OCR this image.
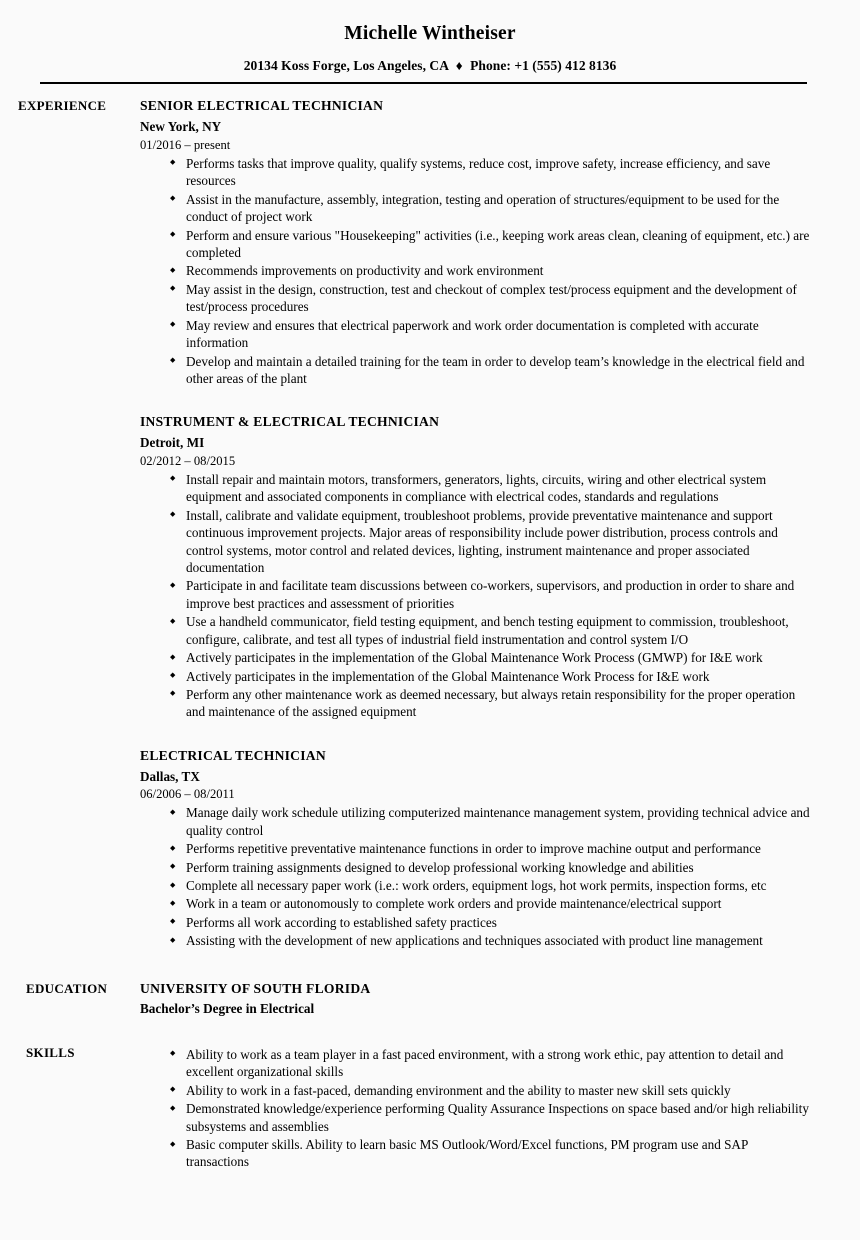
Michelle Wintheiser
20134 Koss Forge, Los Angeles, CA ♦ Phone: +1 (555) 412 8136
EXPERIENCE	SENIOR ELECTRICAL TECHNICIAN
New York, NY
01/2016 – present
◆ Performs tasks that improve quality, qualify systems, reduce cost, improve safety, increase efficiency, and save resources
◆ Assist in the manufacture, assembly, integration, testing and operation of structures/equipment to be used for the conduct of project work
◆ Perform and ensure various "Housekeeping" activities (i.e., keeping work areas clean, cleaning of equipment, etc.) are completed
◆ Recommends improvements on productivity and work environment
◆ May assist in the design, construction, test and checkout of complex test/process equipment and the development of test/process procedures
◆ May review and ensures that electrical paperwork and work order documentation is completed with accurate information
◆ Develop and maintain a detailed training for the team in order to develop team’s knowledge in the electrical field and other areas of the plant
INSTRUMENT & ELECTRICAL TECHNICIAN
Detroit, MI
02/2012 – 08/2015
◆ Install repair and maintain motors, transformers, generators, lights, circuits, wiring and other electrical system equipment and associated components in compliance with electrical codes, standards and regulations
◆ Install, calibrate and validate equipment, troubleshoot problems, provide preventative maintenance and support continuous improvement projects. Major areas of responsibility include power distribution, process controls and control systems, motor control and related devices, lighting, instrument maintenance and proper associated documentation
◆ Participate in and facilitate team discussions between co-workers, supervisors, and production in order to share and improve best practices and assessment of priorities
◆ Use a handheld communicator, field testing equipment, and bench testing equipment to commission, troubleshoot, configure, calibrate, and test all types of industrial field instrumentation and control system I/O
◆ Actively participates in the implementation of the Global Maintenance Work Process (GMWP) for I&E work
◆ Actively participates in the implementation of the Global Maintenance Work Process for I&E work
◆ Perform any other maintenance work as deemed necessary, but always retain responsibility for the proper operation and maintenance of the assigned equipment
ELECTRICAL TECHNICIAN
Dallas, TX
06/2006 – 08/2011
◆ Manage daily work schedule utilizing computerized maintenance management system, providing technical advice and quality control
◆ Performs repetitive preventative maintenance functions in order to improve machine output and performance
◆ Perform training assignments designed to develop professional working knowledge and abilities
◆ Complete all necessary paper work (i.e.: work orders, equipment logs, hot work permits, inspection forms, etc
◆ Work in a team or autonomously to complete work orders and provide maintenance/electrical support
◆ Performs all work according to established safety practices
◆ Assisting with the development of new applications and techniques associated with product line management
EDUCATION	UNIVERSITY OF SOUTH FLORIDA
Bachelor’s Degree in Electrical
SKILLS	◆ Ability to work as a team player in a fast paced environment, with a strong work ethic, pay attention to detail and excellent organizational skills
◆ Ability to work in a fast-paced, demanding environment and the ability to master new skill sets quickly
◆ Demonstrated knowledge/experience performing Quality Assurance Inspections on space based and/or high reliability subsystems and assemblies
◆ Basic computer skills. Ability to learn basic MS Outlook/Word/Excel functions, PM program use and SAP transactions
